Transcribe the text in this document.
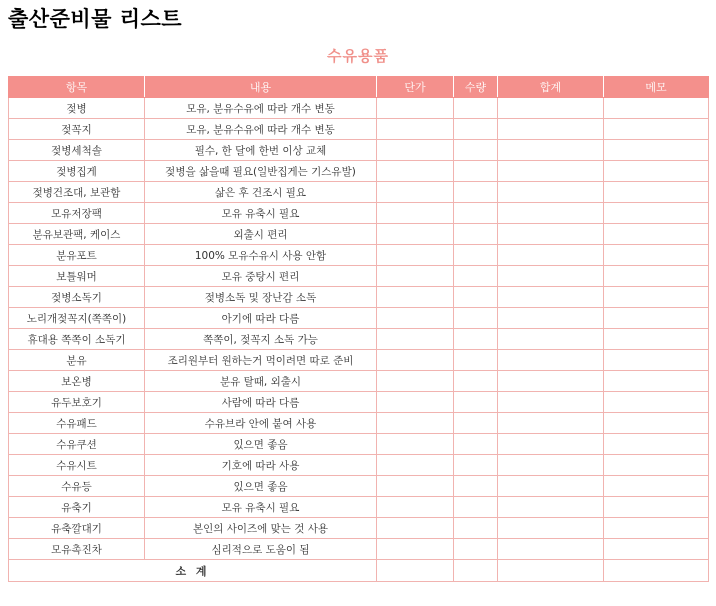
출산준비물 리스트
수유용품
항목	내용	단가	수량	합계	메모
젖병	모유, 분유수유에 따라 개수 변동				
젖꼭지	모유, 분유수유에 따라 개수 변동				
젖병세척솔	필수, 한 달에 한번 이상 교체				
젖병집게	젖병을 삶을때 필요(일반집게는 기스유발)				
젖병건조대, 보관함	삶은 후 건조시 필요				
모유저장팩	모유 유축시 필요				
분유보관팩, 케이스	외출시 편리				
분유포트	100% 모유수유시 사용 안함				
보틀워머	모유 중탕시 편리				
젖병소독기	젖병소독 및 장난감 소독				
노리개젖꼭지(쪽쪽이)	아기에 따라 다름				
휴대용 쪽쪽이 소독기	쪽쪽이, 젖꼭지 소독 가능				
분유	조리원부터 원하는거 먹이려면 따로 준비				
보온병	분유 탈때, 외출시				
유두보호기	사람에 따라 다름				
수유패드	수유브라 안에 붙여 사용				
수유쿠션	있으면 좋음				
수유시트	기호에 따라 사용				
수유등	있으면 좋음				
유축기	모유 유축시 필요				
유축깔대기	본인의 사이즈에 맞는 것 사용				
모유촉진차	심리적으로 도움이 됨				
소 계					
